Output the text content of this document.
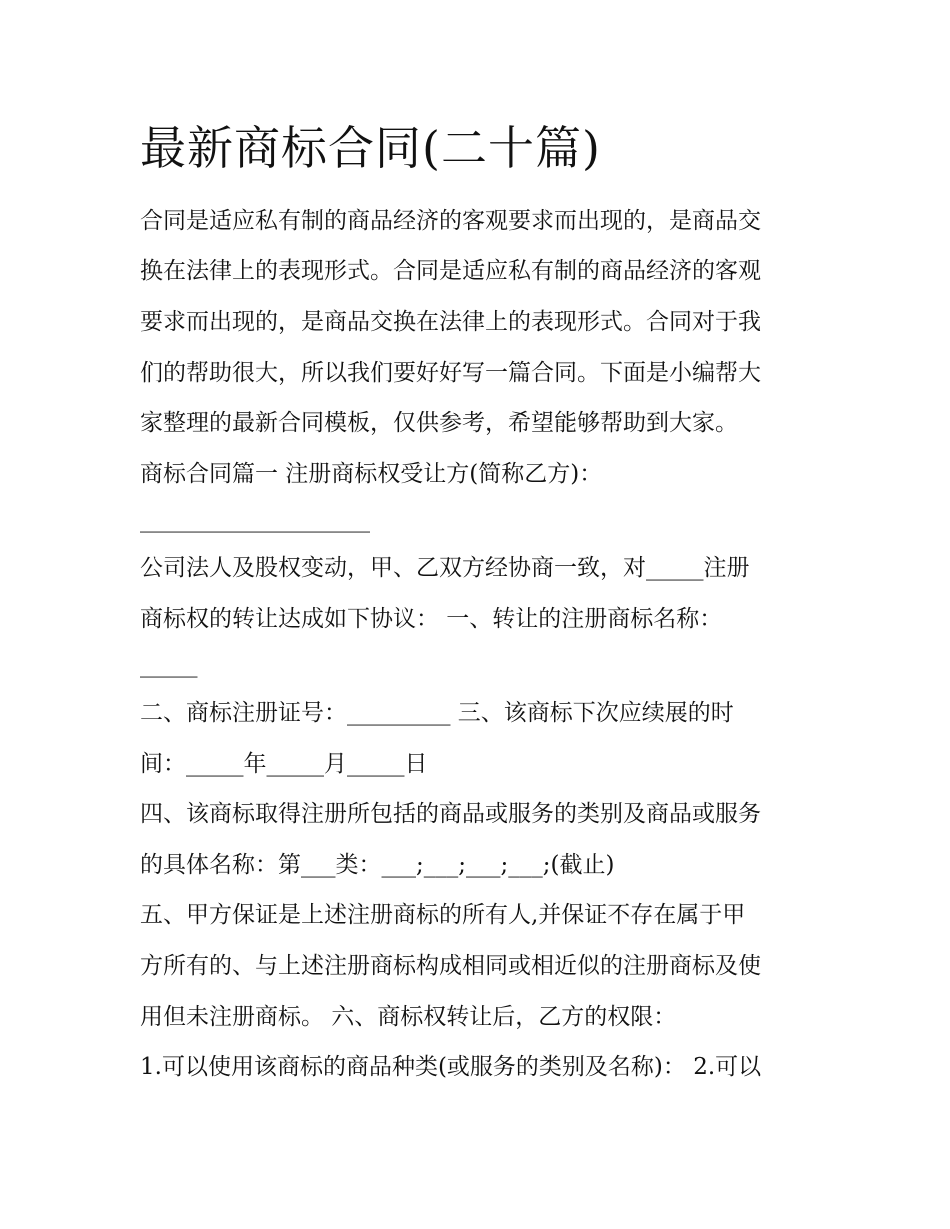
最新商标合同(二十篇)
合同是适应私有制的商品经济的客观要求而出现的，是商品交
换在法律上的表现形式。合同是适应私有制的商品经济的客观
要求而出现的，是商品交换在法律上的表现形式。合同对于我
们的帮助很大，所以我们要好好写一篇合同。下面是小编帮大
家整理的最新合同模板，仅供参考，希望能够帮助到大家。
商标合同篇一 注册商标权受让方(简称乙方)：
____________________
公司法人及股权变动，甲、乙双方经协商一致，对_____注册
商标权的转让达成如下协议： 一、转让的注册商标名称：
_____
二、商标注册证号：_________ 三、该商标下次应续展的时
间：_____年_____月_____日
四、该商标取得注册所包括的商品或服务的类别及商品或服务
的具体名称：第___类：___;___;___;___;(截止)
五、甲方保证是上述注册商标的所有人,并保证不存在属于甲
方所有的、与上述注册商标构成相同或相近似的注册商标及使
用但未注册商标。 六、商标权转让后，乙方的权限：
1.可以使用该商标的商品种类(或服务的类别及名称)： 2.可以
